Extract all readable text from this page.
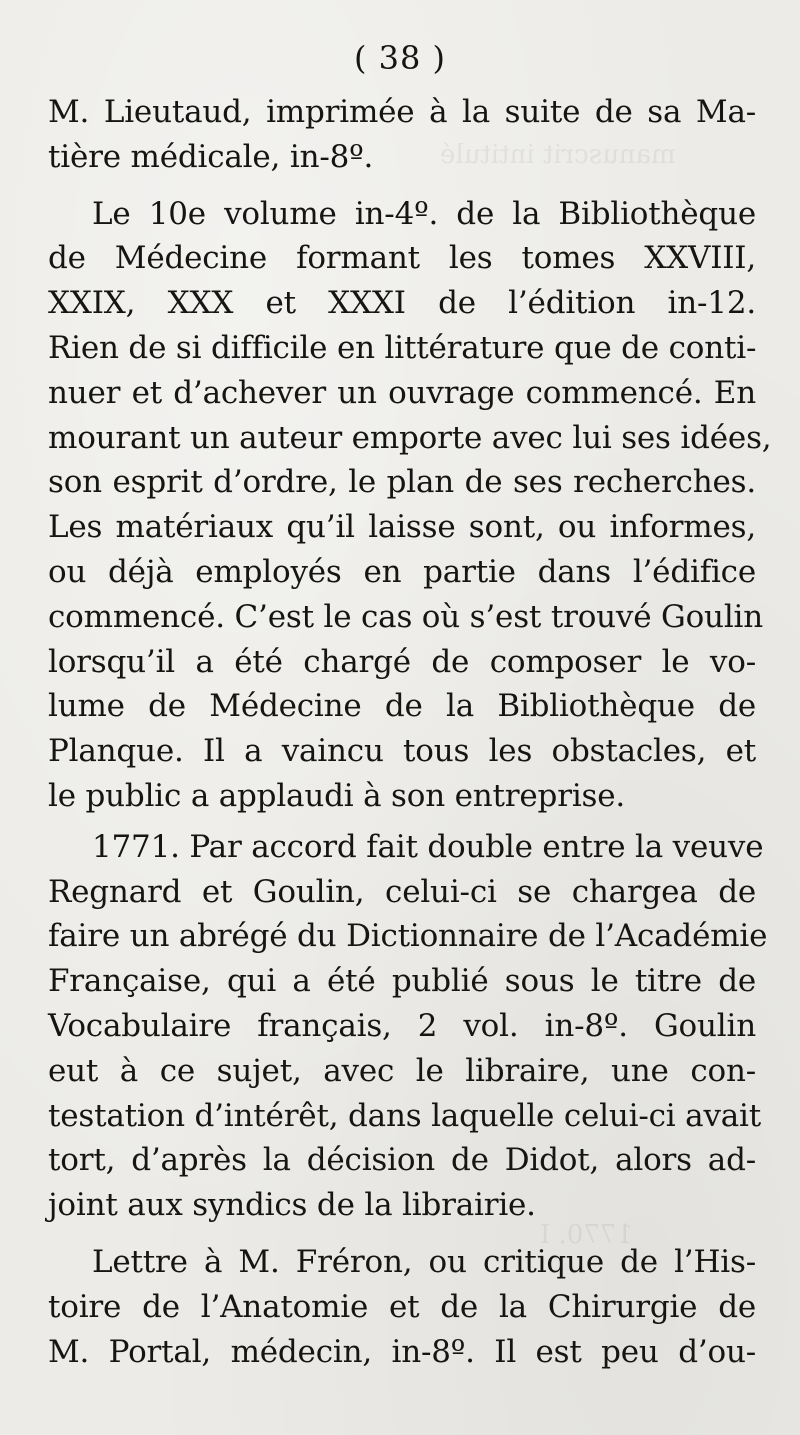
manuscrit intitulé
1770. I
( 38 )
M. Lieutaud, imprimée à la suite de sa Ma-
tière médicale, in-8º.
Le 10e volume in-4º. de la Bibliothèque
de Médecine formant les tomes XXVIII,
XXIX, XXX et XXXI de l’édition in-12.
Rien de si difficile en littérature que de conti-
nuer et d’achever un ouvrage commencé. En
mourant un auteur emporte avec lui ses idées,
son esprit d’ordre, le plan de ses recherches.
Les matériaux qu’il laisse sont, ou informes,
ou déjà employés en partie dans l’édifice
commencé. C’est le cas où s’est trouvé Goulin
lorsqu’il a été chargé de composer le vo-
lume de Médecine de la Bibliothèque de
Planque. Il a vaincu tous les obstacles, et
le public a applaudi à son entreprise.
1771. Par accord fait double entre la veuve
Regnard et Goulin, celui-ci se chargea de
faire un abrégé du Dictionnaire de l’Académie
Française, qui a été publié sous le titre de
Vocabulaire français, 2 vol. in-8º. Goulin
eut à ce sujet, avec le libraire, une con-
testation d’intérêt, dans laquelle celui-ci avait
tort, d’après la décision de Didot, alors ad-
joint aux syndics de la librairie.
Lettre à M. Fréron, ou critique de l’His-
toire de l’Anatomie et de la Chirurgie de
M. Portal, médecin, in-8º. Il est peu d’ou-
